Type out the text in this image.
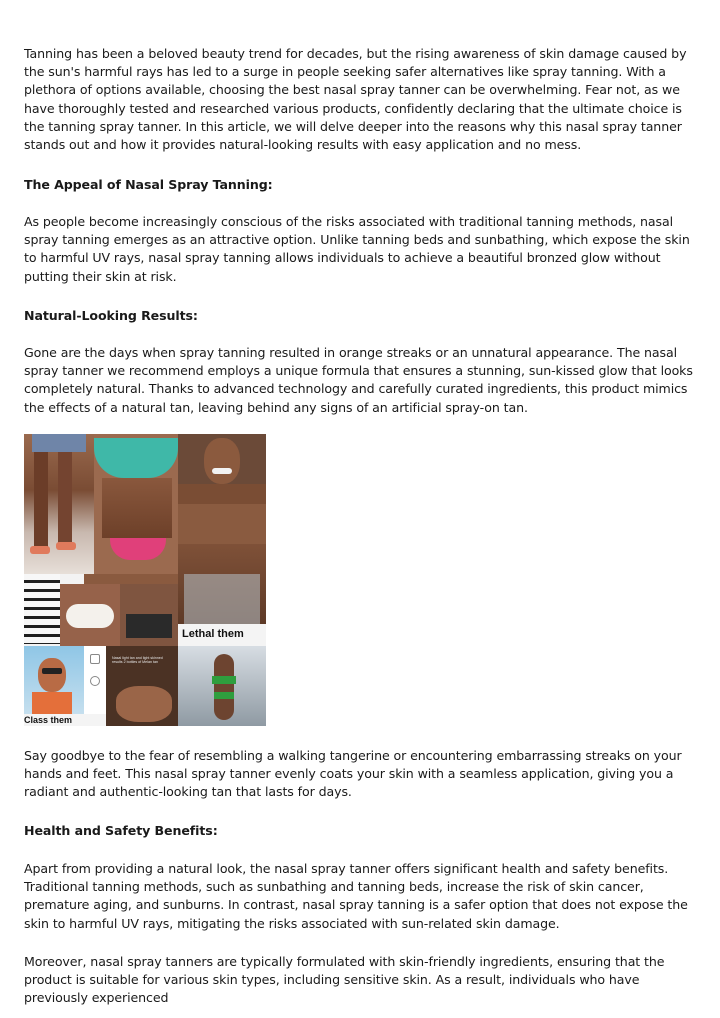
Tanning has been a beloved beauty trend for decades, but the rising awareness of skin damage caused by the sun's harmful rays has led to a surge in people seeking safer alternatives like spray tanning. With a plethora of options available, choosing the best nasal spray tanner can be overwhelming. Fear not, as we have thoroughly tested and researched various products, confidently declaring that the ultimate choice is the tanning spray tanner. In this article, we will delve deeper into the reasons why this nasal spray tanner stands out and how it provides natural-looking results with easy application and no mess.

The Appeal of Nasal Spray Tanning:

As people become increasingly conscious of the risks associated with traditional tanning methods, nasal spray tanning emerges as an attractive option. Unlike tanning beds and sunbathing, which expose the skin to harmful UV rays, nasal spray tanning allows individuals to achieve a beautiful bronzed glow without putting their skin at risk.

Natural-Looking Results:

Gone are the days when spray tanning resulted in orange streaks or an unnatural appearance. The nasal spray tanner we recommend employs a unique formula that ensures a stunning, sun-kissed glow that looks completely natural. Thanks to advanced technology and carefully curated ingredients, this product mimics the effects of a natural tan, leaving behind any signs of an artificial spray-on tan.

Lethal them
Nasal light tan and light skinned results 2 bottles of Melan tan
Class them

Say goodbye to the fear of resembling a walking tangerine or encountering embarrassing streaks on your hands and feet. This nasal spray tanner evenly coats your skin with a seamless application, giving you a radiant and authentic-looking tan that lasts for days.

Health and Safety Benefits:

Apart from providing a natural look, the nasal spray tanner offers significant health and safety benefits. Traditional tanning methods, such as sunbathing and tanning beds, increase the risk of skin cancer, premature aging, and sunburns. In contrast, nasal spray tanning is a safer option that does not expose the skin to harmful UV rays, mitigating the risks associated with sun-related skin damage.

Moreover, nasal spray tanners are typically formulated with skin-friendly ingredients, ensuring that the product is suitable for various skin types, including sensitive skin. As a result, individuals who have previously experienced
